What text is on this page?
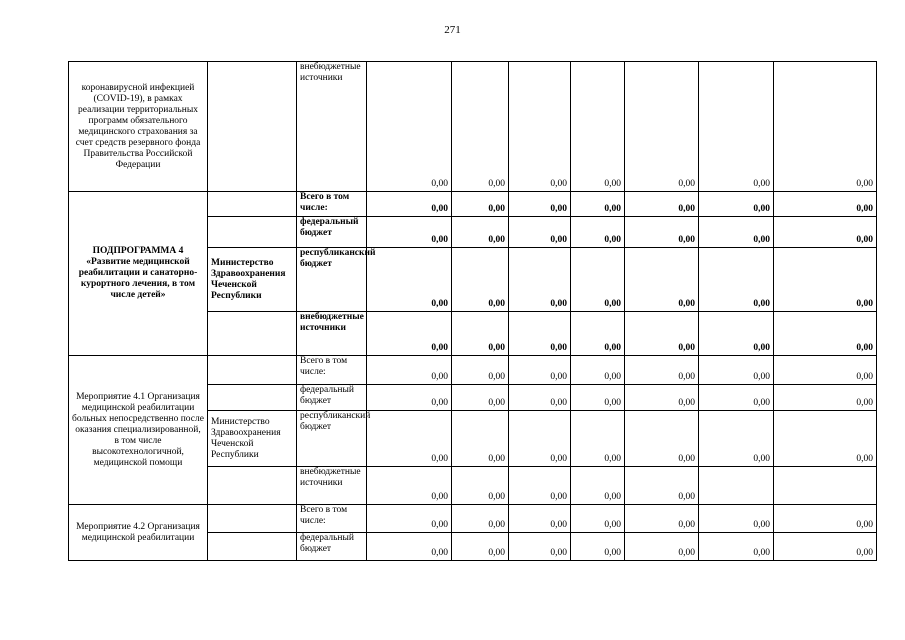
271
коронавирусной инфекцией (COVID-19), в рамках реализации территориальных программ обязательного медицинского страхования за счет средств резервного фонда Правительства Российской Федерации		внебюджетные источники	0,00	0,00	0,00	0,00	0,00	0,00	0,00
ПОДПРОГРАММА 4 «Развитие медицинской реабилитации и санаторно-курортного лечения, в том числе детей»		Всего в том числе:	0,00	0,00	0,00	0,00	0,00	0,00	0,00
		федеральный бюджет	0,00	0,00	0,00	0,00	0,00	0,00	0,00
	Министерство Здравоохранения Чеченской Республики	республиканский бюджет	0,00	0,00	0,00	0,00	0,00	0,00	0,00
		внебюджетные источники	0,00	0,00	0,00	0,00	0,00	0,00	0,00
Мероприятие 4.1 Организация медицинской реабилитации больных непосредственно после оказания специализированной, в том числе высокотехнологичной, медицинской помощи		Всего в том числе:	0,00	0,00	0,00	0,00	0,00	0,00	0,00
		федеральный бюджет	0,00	0,00	0,00	0,00	0,00	0,00	0,00
	Министерство Здравоохранения Чеченской Республики	республиканский бюджет	0,00	0,00	0,00	0,00	0,00	0,00	0,00
		внебюджетные источники	0,00	0,00	0,00	0,00	0,00		
Мероприятие 4.2 Организация медицинской реабилитации		Всего в том числе:	0,00	0,00	0,00	0,00	0,00	0,00	0,00
		федеральный бюджет	0,00	0,00	0,00	0,00	0,00	0,00	0,00
